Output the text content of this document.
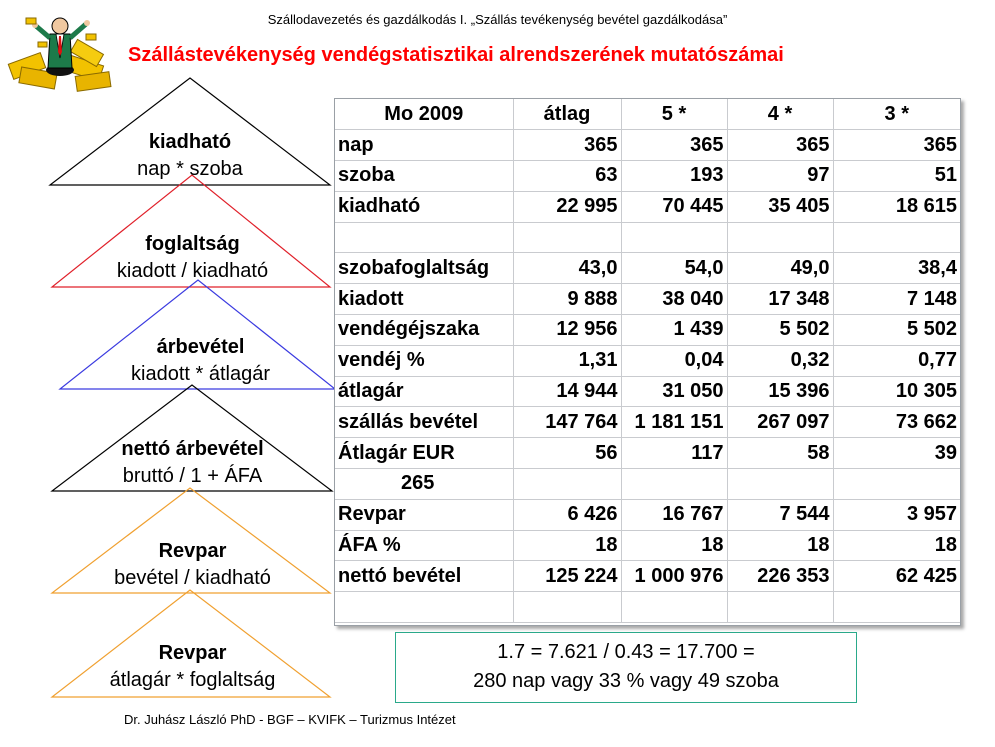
Szállodavezetés és gazdálkodás I. „Szállás tevékenység bevétel gazdálkodása”
Szállástevékenység vendégstatisztikai alrendszerének mutatószámai
kiadható
nap * szoba
foglaltság
kiadott / kiadható
árbevétel
kiadott * átlagár
nettó árbevétel
bruttó / 1 + ÁFA
Revpar
bevétel / kiadható
Revpar
átlagár * foglaltság
Mo 2009	átlag	5 *	4 *	3 *
nap	365	365	365	365
szoba	63	193	97	51
kiadható	22 995	70 445	35 405	18 615

szobafoglaltság	43,0	54,0	49,0	38,4
kiadott	9 888	38 040	17 348	7 148
vendégéjszaka	12 956	1 439	5 502	5 502
vendéj %	1,31	0,04	0,32	0,77
átlagár	14 944	31 050	15 396	10 305
szállás bevétel	147 764	1 181 151	267 097	73 662
Átlagár EUR	56	117	58	39
265				
Revpar	6 426	16 767	7 544	3 957
ÁFA %	18	18	18	18
nettó bevétel	125 224	1 000 976	226 353	62 425

1.7 = 7.621 / 0.43 = 17.700 =
280 nap vagy 33 % vagy 49 szoba
Dr. Juhász László PhD - BGF – KVIFK – Turizmus Intézet
